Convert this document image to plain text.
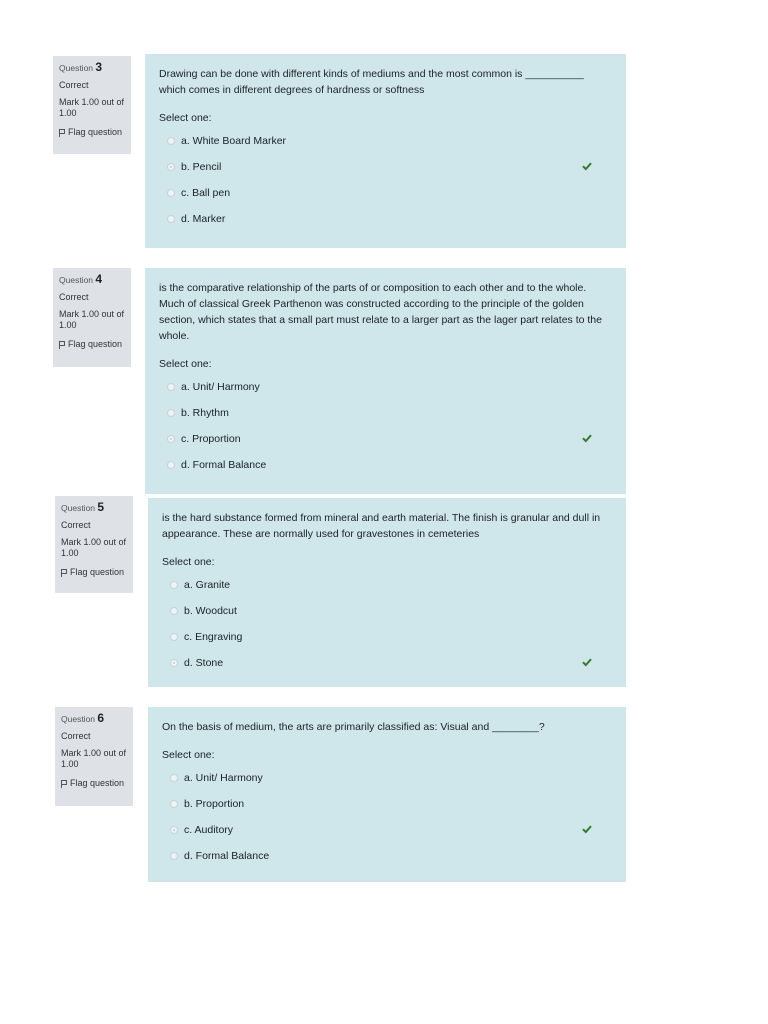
Question 3
Correct
Mark 1.00 out of 1.00
Flag question
Drawing can be done with different kinds of mediums and the most common is __________ which comes in different degrees of hardness or softness
Select one:
a. White Board Marker
b. Pencil
c. Ball pen
d. Marker
Question 4
Correct
Mark 1.00 out of 1.00
Flag question
is the comparative relationship of the parts of or composition to each other and to the whole. Much of classical Greek Parthenon was constructed according to the principle of the golden section, which states that a small part must relate to a larger part as the lager part relates to the whole.
Select one:
a. Unit/ Harmony
b. Rhythm
c. Proportion
d. Formal Balance
Question 5
Correct
Mark 1.00 out of 1.00
Flag question
is the hard substance formed from mineral and earth material. The finish is granular and dull in appearance. These are normally used for gravestones in cemeteries
Select one:
a. Granite
b. Woodcut
c. Engraving
d. Stone
Question 6
Correct
Mark 1.00 out of 1.00
Flag question
On the basis of medium, the arts are primarily classified as: Visual and ________?
Select one:
a. Unit/ Harmony
b. Proportion
c. Auditory
d. Formal Balance
